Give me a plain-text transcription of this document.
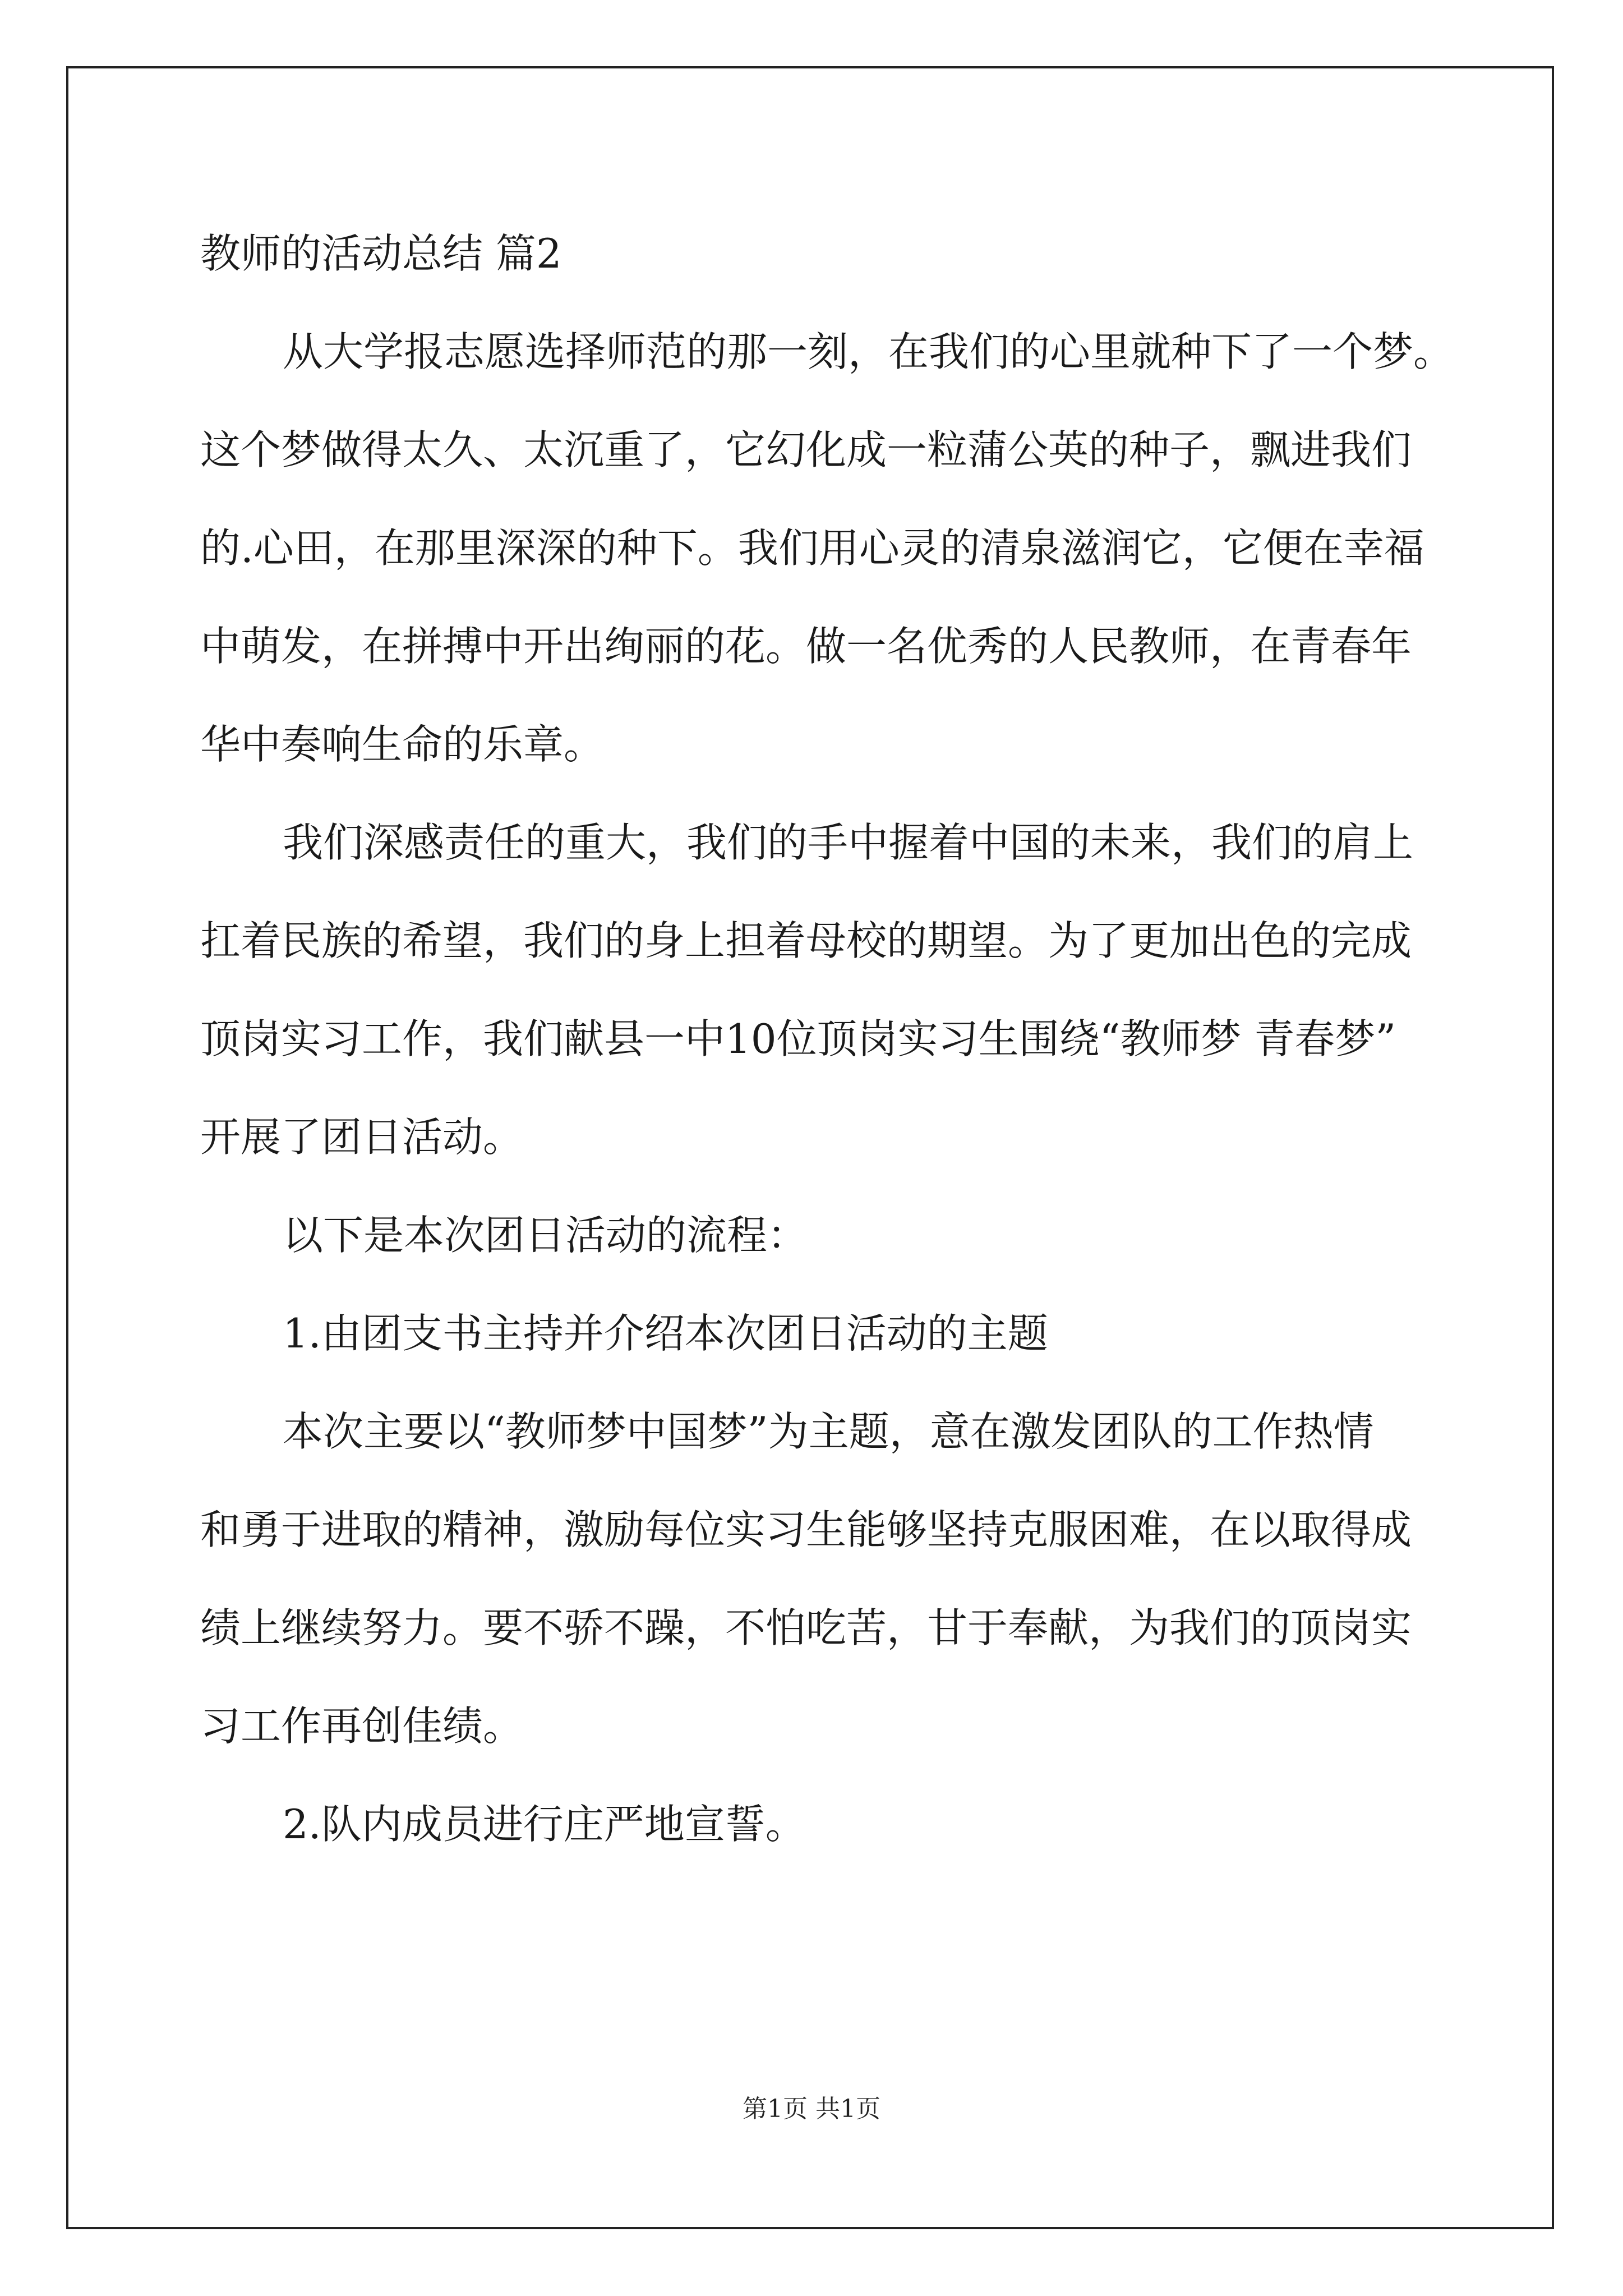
教师的活动总结 篇2
从大学报志愿选择师范的那一刻，在我们的心里就种下了一个梦。
这个梦做得太久、太沉重了，它幻化成一粒蒲公英的种子，飘进我们
的.心田，在那里深深的种下。我们用心灵的清泉滋润它，它便在幸福
中萌发，在拼搏中开出绚丽的花。做一名优秀的人民教师，在青春年
华中奏响生命的乐章。
我们深感责任的重大，我们的手中握着中国的未来，我们的肩上
扛着民族的希望，我们的身上担着母校的期望。为了更加出色的完成
顶岗实习工作，我们献县一中10位顶岗实习生围绕“教师梦 青春梦”
开展了团日活动。
以下是本次团日活动的流程：
1.由团支书主持并介绍本次团日活动的主题
本次主要以“教师梦中国梦”为主题，意在激发团队的工作热情
和勇于进取的精神，激励每位实习生能够坚持克服困难，在以取得成
绩上继续努力。要不骄不躁，不怕吃苦，甘于奉献，为我们的顶岗实
习工作再创佳绩。
2.队内成员进行庄严地宣誓。
第1页 共1页
